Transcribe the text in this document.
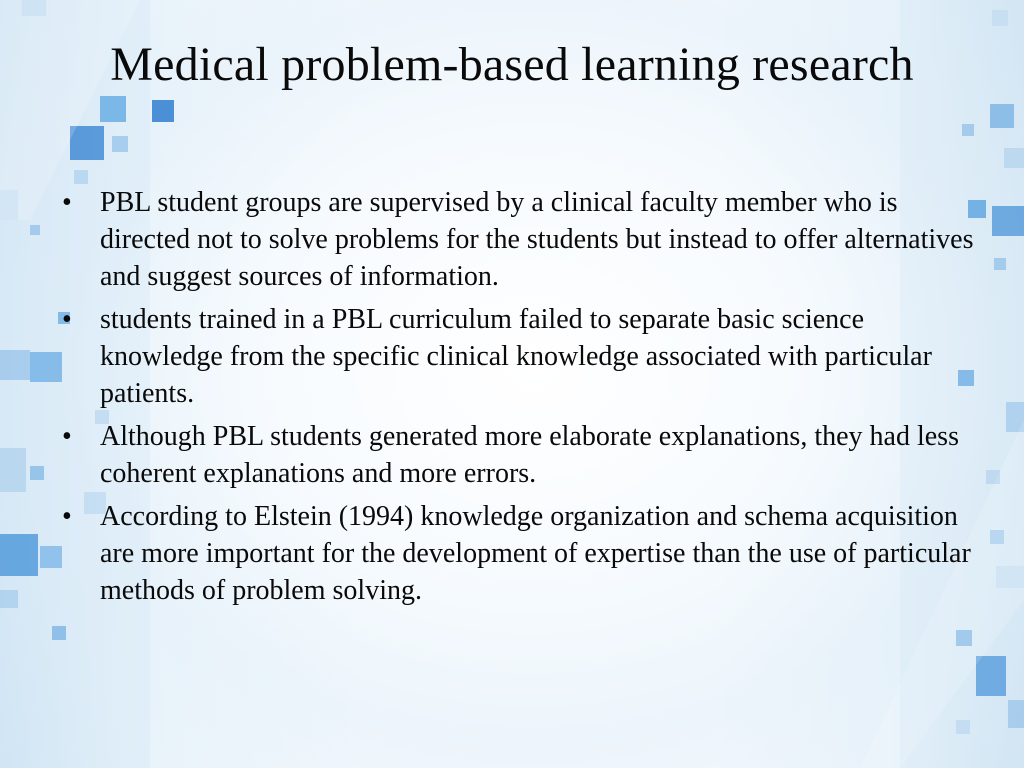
Medical problem-based learning research
• PBL student groups are supervised by a clinical faculty member who is directed not to solve problems for the students but instead to offer alternatives and suggest sources of information.
• students trained in a PBL curriculum failed to separate basic science knowledge from the specific clinical knowledge associated with particular patients.
• Although PBL students generated more elaborate explanations, they had less coherent explanations and more errors.
• According to Elstein (1994) knowledge organization and schema acquisition are more important for the development of expertise than the use of particular methods of problem solving.
